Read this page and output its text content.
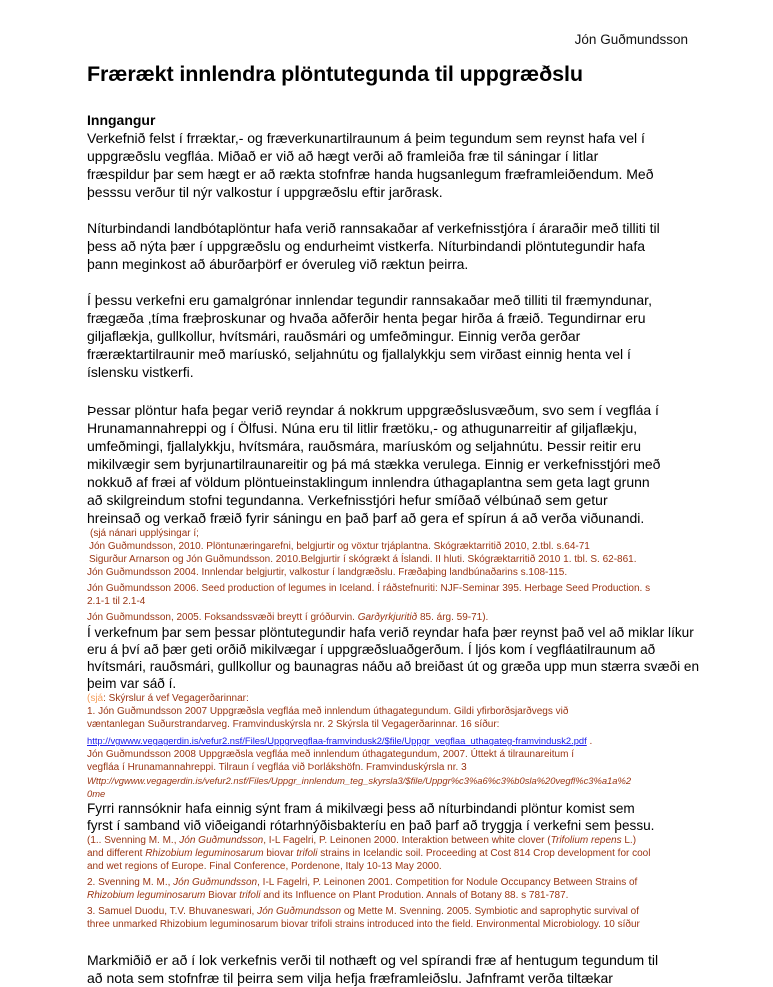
Jón Guðmundsson
Frærækt innlendra plöntutegunda til uppgræðslu

Inngangur

Verkefnið felst í frræktar,- og fræverkunartilraunum á þeim tegundum sem reynst hafa vel í

uppgræðslu vegfláa. Miðað er við að hægt verði að framleiða fræ til sáningar í litlar

fræspildur þar sem hægt er að rækta stofnfræ handa hugsanlegum fræframleiðendum. Með

þesssu verður til nýr valkostur í uppgræðslu eftir jarðrask.

Níturbindandi landbótaplöntur hafa verið rannsakaðar af verkefnisstjóra í áraraðir með tilliti til

þess að nýta þær í uppgræðslu og endurheimt vistkerfa. Níturbindandi plöntutegundir hafa

þann meginkost að áburðarþörf er óveruleg við ræktun þeirra.

Í þessu verkefni eru gamalgrónar innlendar tegundir rannsakaðar með tilliti til fræmyndunar,

frægæða ,tíma fræþroskunar og hvaða aðferðir henta þegar hirða á fræið. Tegundirnar eru

giljaflækja, gullkollur, hvítsmári, rauðsmári og umfeðmingur. Einnig verða gerðar

fræræktartilraunir með maríuskó, seljahnútu og fjallalykkju sem virðast einnig henta vel í

íslensku vistkerfi.

Þessar plöntur hafa þegar verið reyndar á nokkrum uppgræðslusvæðum, svo sem í vegfláa í

Hrunamannahreppi og í Ölfusi. Núna eru til litlir frætöku,- og athugunarreitir af giljaflækju,

umfeðmingi, fjallalykkju, hvítsmára, rauðsmára, maríuskóm og seljahnútu. Þessir reitir eru

mikilvægir sem byrjunartilraunareitir og þá má stækka verulega. Einnig er verkefnisstjóri með

nokkuð af fræi af völdum plöntueinstaklingum innlendra úthagaplantna sem geta lagt grunn

að skilgreindum stofni tegundanna. Verkefnisstjóri hefur smíðað vélbúnað sem getur

hreinsað og verkað fræið fyrir sáningu en það þarf að gera ef spírun á að verða viðunandi.

(sjá nánari upplýsingar í;

Jón Guðmundsson, 2010. Plöntunæringarefni, belgjurtir og vöxtur trjáplantna. Skógræktarritið 2010, 2.tbl. s.64-71

Sigurður Arnarson og Jón Guðmundsson. 2010.Belgjurtir í skógrækt á Íslandi. II hluti. Skógræktarritið 2010 1. tbl. S. 62-861.

Jón Guðmundsson 2004. Innlendar belgjurtir, valkostur í landgræðslu. Fræðaþing landbúnaðarins s.108-115.

Jón Guðmundsson 2006. Seed production of legumes in Iceland. Í ráðstefnuriti: NJF-Seminar 395. Herbage Seed Production. s

2.1-1 til 2.1-4

Jón Guðmundsson, 2005. Foksandssvæði breytt í gróðurvin. Garðyrkjuritið 85. árg. 59-71).

Í verkefnum þar sem þessar plöntutegundir hafa verið reyndar hafa þær reynst það vel að miklar líkur

eru á því að þær geti orðið mikilvægar í uppgræðsluaðgerðum. Í ljós kom í vegfláatilraunum að

hvítsmári, rauðsmári, gullkollur og baunagras náðu að breiðast út og græða upp mun stærra svæði en

þeim var sáð í.

(sjá: Skýrslur á vef Vegagerðarinnar:

1. Jón Guðmundsson 2007 Uppgræðsla vegfláa með innlendum úthagategundum. Gildi yfirborðsjarðvegs við

væntanlegan Suðurstrandarveg. Framvinduskýrsla nr. 2 Skýrsla til Vegagerðarinnar. 16 síður:

http://vgwww.vegagerdin.is/vefur2.nsf/Files/Uppgrvegflaa-framvindusk2/$file/Uppgr_vegflaa_uthagateg-framvindusk2.pdf .

Jón Guðmundsson 2008 Uppgræðsla vegfláa með innlendum úthagategundum, 2007. Úttekt á tilraunareitum í

vegfláa í Hrunamannahreppi. Tilraun í vegfláa við Þorlákshöfn. Framvinduskýrsla nr. 3

Wttp://vgwww.vegagerdin.is/vefur2.nsf/Files/Uppgr_innlendum_teg_skyrsla3/$file/Uppgr%c3%a6%c3%b0sla%20vegfl%c3%a1a%2

0me

Fyrri rannsóknir hafa einnig sýnt fram á mikilvægi þess að níturbindandi plöntur komist sem

fyrst í samband við viðeigandi rótarhnýðisbakteríu en það þarf að tryggja í verkefni sem þessu.

(1.. Svenning M. M., Jón Guðmundsson, I-L Fagelri, P. Leinonen 2000. Interaktion between white clover (Trifolium repens L.)

and different Rhizobium leguminosarum biovar trifoli strains in Icelandic soil. Proceeding at Cost 814 Crop development for cool

and wet regions of Europe. Final Conference, Pordenone, Italy 10-13 May 2000.

2. Svenning M. M., Jón Guðmundsson, I-L Fagelri, P. Leinonen 2001. Competition for Nodule Occupancy Between Strains of

Rhizobium leguminosarum Biovar trifoli and its Influence on Plant Prodution. Annals of Botany 88. s 781-787.

3. Samuel Duodu, T.V. Bhuvaneswari, Jón Guðmundsson og Mette M. Svenning. 2005. Symbiotic and saprophytic survival of

three unmarked Rhizobium leguminosarum biovar trifoli strains introduced into the field. Environmental Microbiology. 10 síður

Markmiðið er að í lok verkefnis verði til nothæft og vel spírandi fræ af hentugum tegundum til

að nota sem stofnfræ til þeirra sem vilja hefja fræframleiðslu. Jafnframt verða tiltækar
